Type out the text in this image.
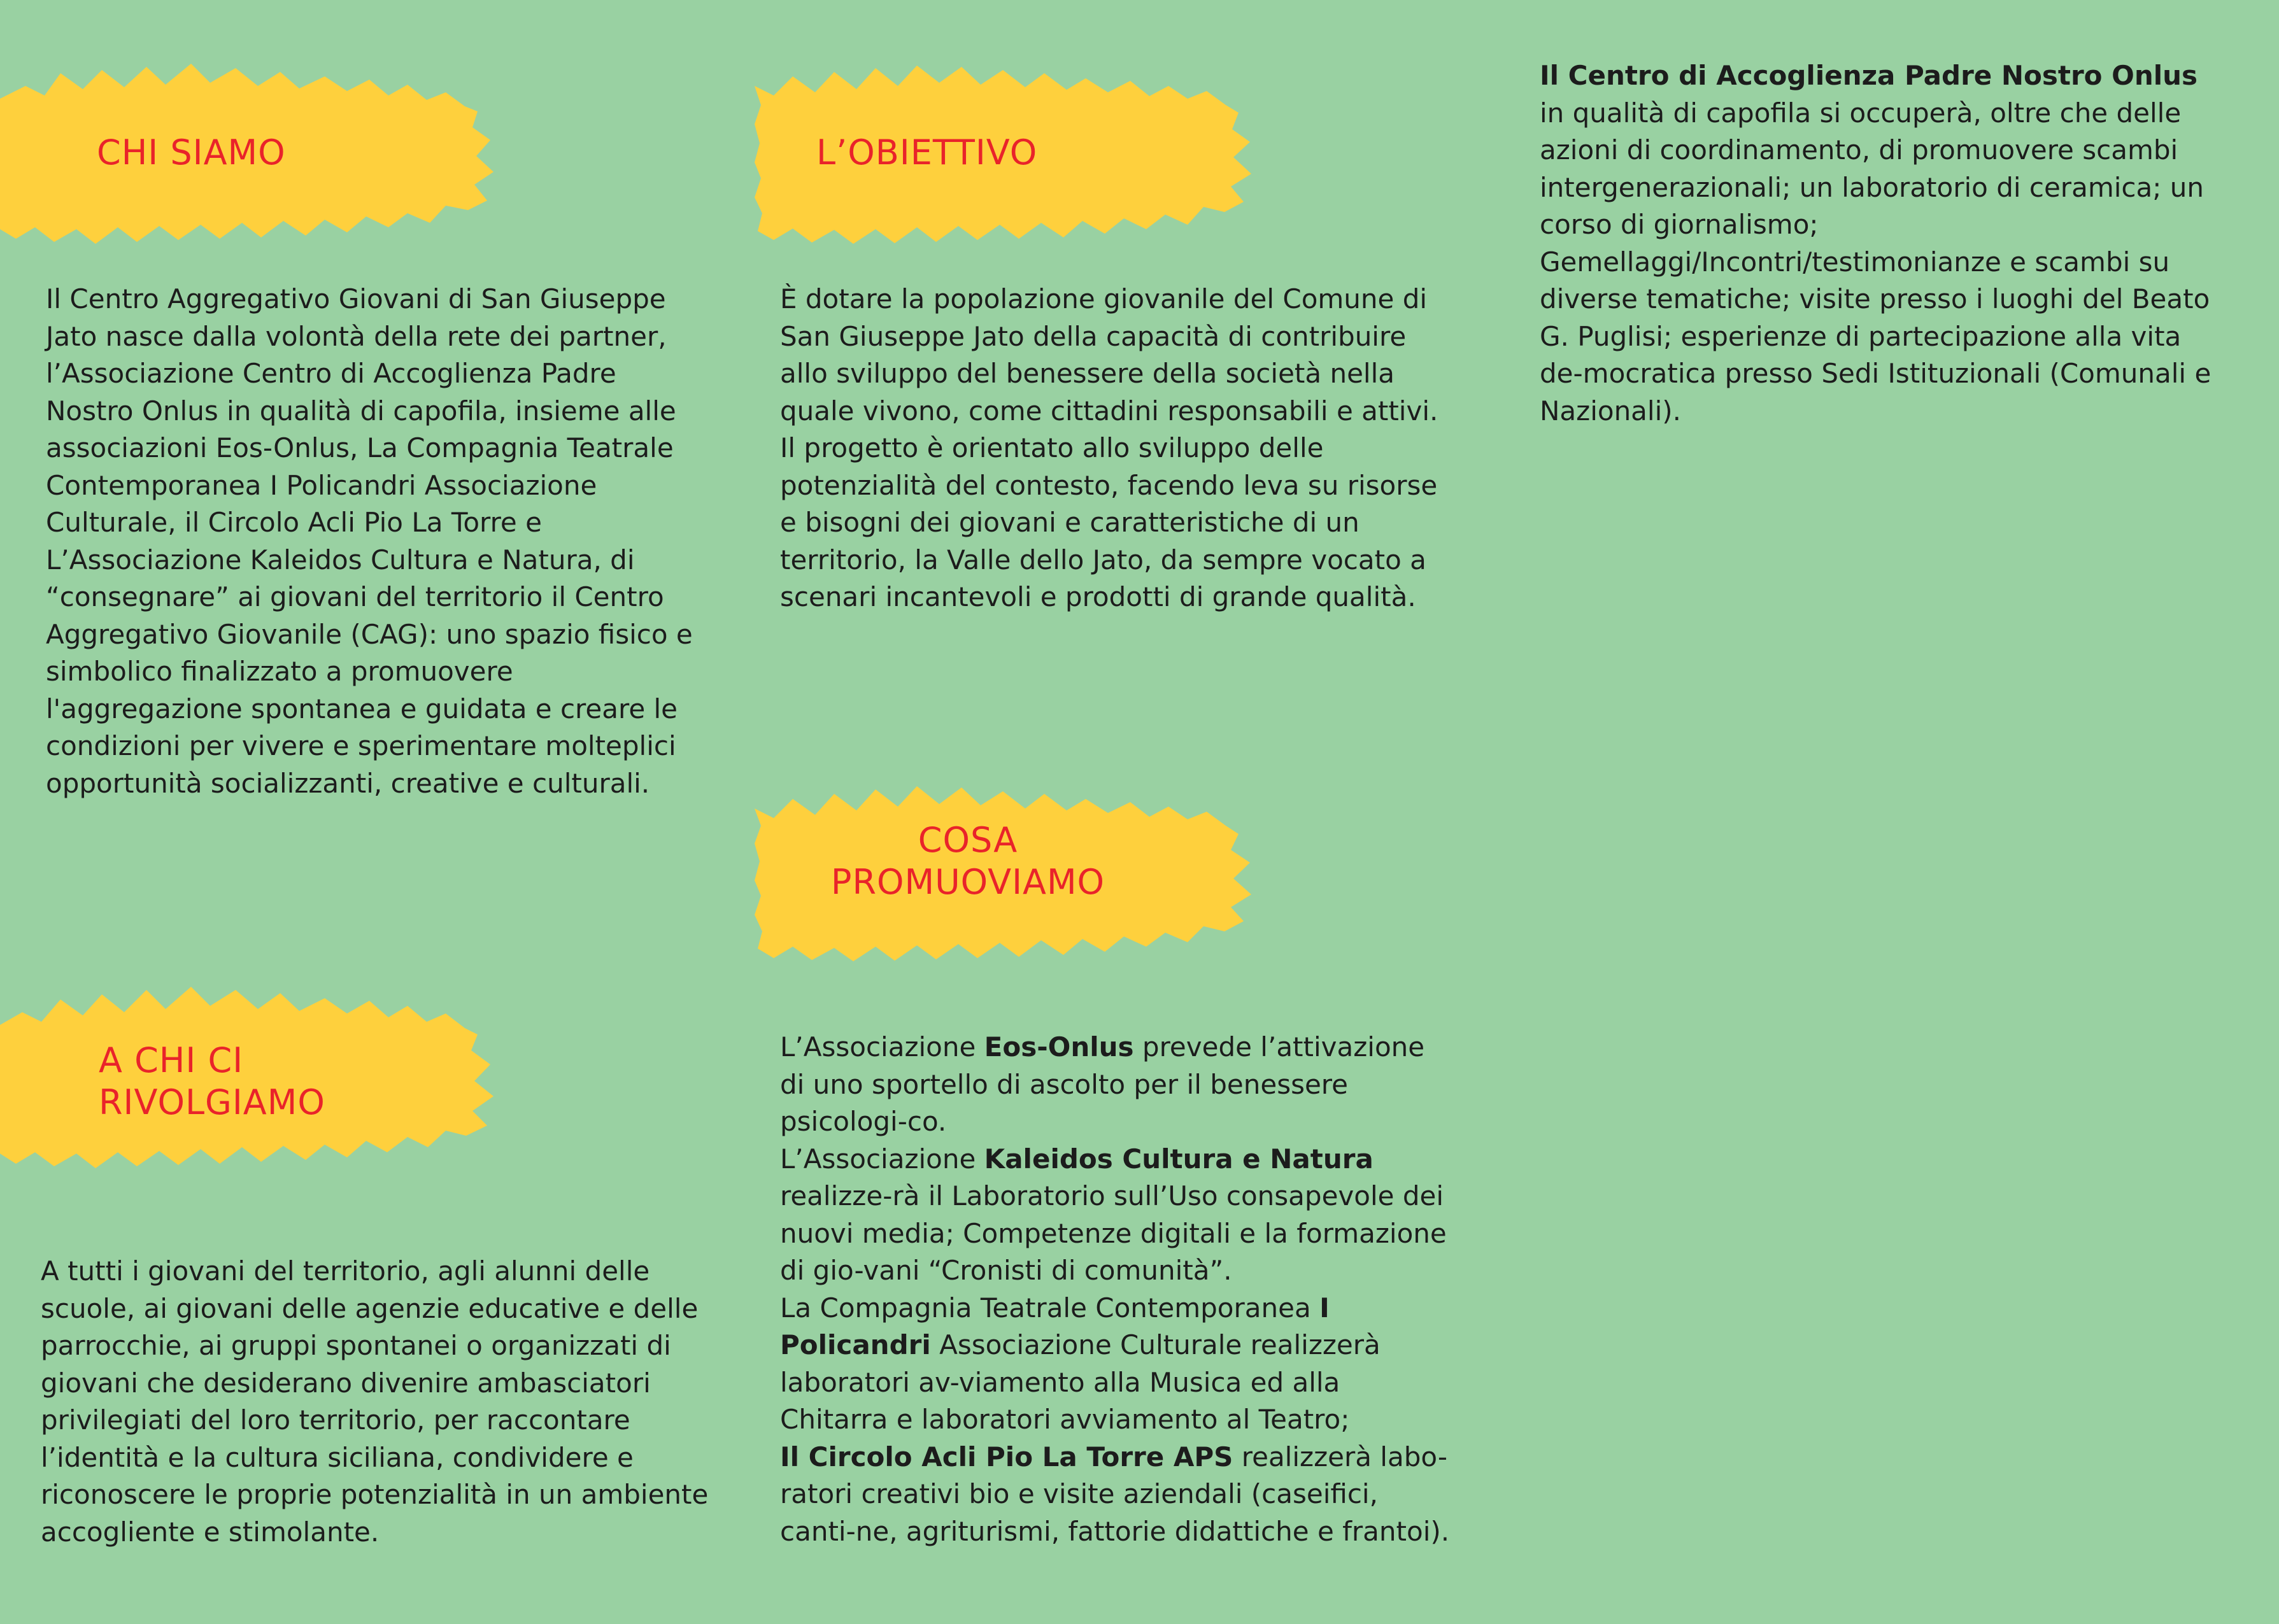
CHI SIAMO	L’OBIETTIVO
COSA
PROMUOVIAMO
A CHI CI
RIVOLGIAMO

Il Centro Aggregativo Giovani di San Giuseppe Jato nasce dalla volontà della rete dei partner, l’Associazione Centro di Accoglienza Padre Nostro Onlus in qualità di capofila, insieme alle associazioni Eos-Onlus, La Compagnia Teatrale Contemporanea I Policandri Associazione Culturale, il Circolo Acli Pio La Torre e L’Associazione Kaleidos Cultura e Natura, di “consegnare” ai giovani del territorio il Centro Aggregativo Giovanile (CAG): uno spazio fisico e simbolico finalizzato a promuovere l'aggregazione spontanea e guidata e creare le condizioni per vivere e sperimentare molteplici opportunità socializzanti, creative e culturali.

A tutti i giovani del territorio, agli alunni delle scuole, ai giovani delle agenzie educative e delle parrocchie, ai gruppi spontanei o organizzati di giovani che desiderano divenire ambasciatori privilegiati del loro territorio, per raccontare l’identità e la cultura siciliana, condividere e riconoscere le proprie potenzialità in un ambiente accogliente e stimolante.

È dotare la popolazione giovanile del Comune di San Giuseppe Jato della capacità di contribuire allo sviluppo del benessere della società nella quale vivono, come cittadini responsabili e attivi.

Il progetto è orientato allo sviluppo delle potenzialità del contesto, facendo leva su risorse e bisogni dei giovani e caratteristiche di un territorio, la Valle dello Jato, da sempre vocato a scenari incantevoli e prodotti di grande qualità.

L’Associazione Eos-Onlus prevede l’attivazione di uno sportello di ascolto per il benessere psicologi-co.

L’Associazione Kaleidos Cultura e Natura realizze-rà il Laboratorio sull’Uso consapevole dei nuovi media; Competenze digitali e la formazione di gio-vani “Cronisti di comunità”.

La Compagnia Teatrale Contemporanea I Policandri Associazione Culturale realizzerà laboratori av-viamento alla Musica ed alla Chitarra e laboratori avviamento al Teatro;

Il Circolo Acli Pio La Torre APS realizzerà labo-ratori creativi bio e visite aziendali (caseifici, canti-ne, agriturismi, fattorie didattiche e frantoi).

Il Centro di Accoglienza Padre Nostro Onlus in qualità di capofila si occuperà, oltre che delle azioni di coordinamento, di promuovere scambi intergenerazionali; un laboratorio di ceramica; un corso di giornalismo;

Gemellaggi/Incontri/testimonianze e scambi su diverse tematiche; visite presso i luoghi del Beato G. Puglisi; esperienze di partecipazione alla vita de-mocratica presso Sedi Istituzionali (Comunali e Nazionali).
